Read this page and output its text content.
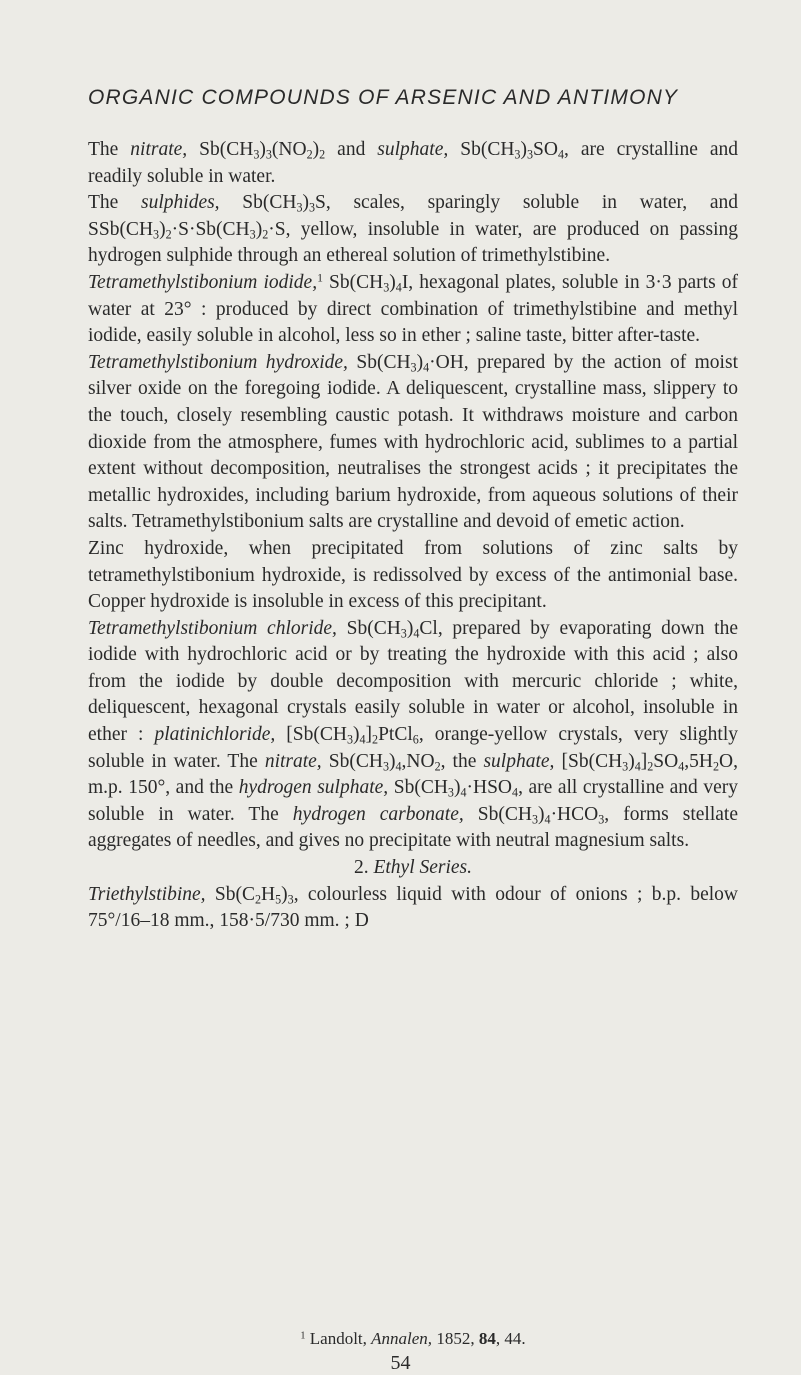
ORGANIC COMPOUNDS OF ARSENIC AND ANTIMONY

The nitrate, $Sb(CH_3)_3(NO_2)_2$ and sulphate, $Sb(CH_3)_3SO_4$, are crystalline and readily soluble in water.

The sulphides, $Sb(CH_3)_3S$, scales, sparingly soluble in water, and $SSb(CH_3)_2\cdot S\cdot Sb(CH_3)_2\cdot S$, yellow, insoluble in water, are produced on passing hydrogen sulphide through an ethereal solution of trimethylstibine.

Tetramethylstibonium iodide,$^1$ $Sb(CH_3)_4I$, hexagonal plates, soluble in 3·3 parts of water at 23° : produced by direct combination of trimethylstibine and methyl iodide, easily soluble in alcohol, less so in ether ; saline taste, bitter after-taste.

Tetramethylstibonium hydroxide, $Sb(CH_3)_4\cdot OH$, prepared by the action of moist silver oxide on the foregoing iodide. A deliquescent, crystalline mass, slippery to the touch, closely resembling caustic potash. It withdraws moisture and carbon dioxide from the atmosphere, fumes with hydrochloric acid, sublimes to a partial extent without decomposition, neutralises the strongest acids ; it precipitates the metallic hydroxides, including barium hydroxide, from aqueous solutions of their salts. Tetramethylstibonium salts are crystalline and devoid of emetic action.

Zinc hydroxide, when precipitated from solutions of zinc salts by tetramethylstibonium hydroxide, is redissolved by excess of the antimonial base. Copper hydroxide is insoluble in excess of this precipitant.

Tetramethylstibonium chloride, $Sb(CH_3)_4Cl$, prepared by evaporating down the iodide with hydrochloric acid or by treating the hydroxide with this acid ; also from the iodide by double decomposition with mercuric chloride ; white, deliquescent, hexagonal crystals easily soluble in water or alcohol, insoluble in ether : platinichloride, $[Sb(CH_3)_4]_2PtCl_6$, orange-yellow crystals, very slightly soluble in water. The nitrate, $Sb(CH_3)_4,NO_2$, the sulphate, $[Sb(CH_3)_4]_2SO_4,5H_2O$, m.p. 150°, and the hydrogen sulphate, $Sb(CH_3)_4\cdot HSO_4$, are all crystalline and very soluble in water. The hydrogen carbonate, $Sb(CH_3)_4\cdot HCO_3$, forms stellate aggregates of needles, and gives no precipitate with neutral magnesium salts.

2. Ethyl Series.

Triethylstibine, $Sb(C_2H_5)_3$, colourless liquid with odour of onions ; b.p. below 75°/16–18 mm., 158·5/730 mm. ; D

$^1$ Landolt, Annalen, 1852, 84, 44.
54
